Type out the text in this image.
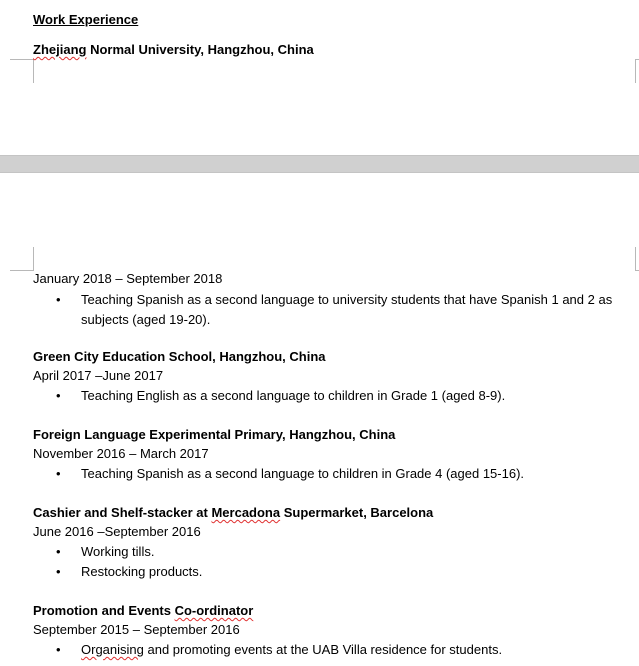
Work Experience
Zhejiang Normal University, Hangzhou, China
January 2018 – September 2018
• Teaching Spanish as a second language to university students that have Spanish 1 and 2 as subjects (aged 19-20).
Green City Education School, Hangzhou, China
April 2017 –June 2017
• Teaching English as a second language to children in Grade 1 (aged 8-9).
Foreign Language Experimental Primary, Hangzhou, China
November 2016 – March 2017
• Teaching Spanish as a second language to children in Grade 4 (aged 15-16).
Cashier and Shelf-stacker at Mercadona Supermarket, Barcelona
June 2016 –September 2016
• Working tills.
• Restocking products.
Promotion and Events Co-ordinator
September 2015 – September 2016
• Organising and promoting events at the UAB Villa residence for students.
